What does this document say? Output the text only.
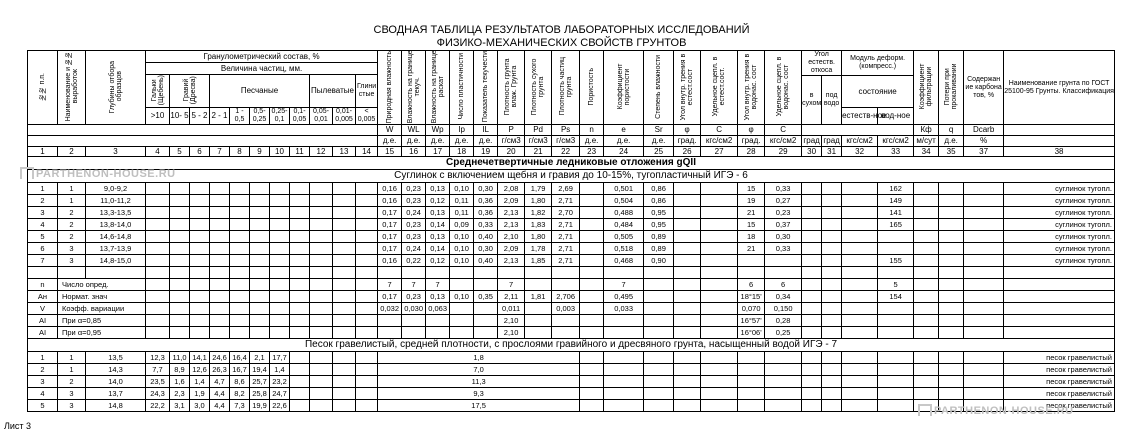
СВОДНАЯ ТАБЛИЦА РЕЗУЛЬТАТОВ ЛАБОРАТОРНЫХ ИССЛЕДОВАНИЙ
ФИЗИКО-МЕХАНИЧЕСКИХ СВОЙСТВ ГРУНТОВ
№№ п.п.	Наименование и №№ выработок	Глубины отбора образцов	Гранулометрический состав, %											Природная влажность	Влажность на границе текуч.	Влажность на границе раскат	Число пластичности	Показатель текучести	Плотность грунта влаж. Грунта	Плотность сухого грунта	Плотность частиц грунта	Пористость	Коэффициент пористости	Степень влажности	Угол внутр. трения в естест.сост	Удельное сцепл. в естест.сост.	Угол внутр. трения в водонас. сост	Удельное сцепл. в водонас. сост	Угол естеств. откоса		Модуль деформ. (компресс.)		Коэффициент фильтрации	Потери при прокаливании	Содержан ие карбона тов, %	Наименование грунта по ГОСТ 25100-95 Грунты. Классификация
			Величина частиц, мм.																																	
			Гальки (Щебень)	Гравий (Дресва)		Песчаные					Пылеватые		Глини стые																							
																													в сухом	под водо	состояние					
			>10	10- 5	5 - 2	2 - 1	1 - 0,5	0,5- 0,25	0,25- 0,1	0,1- 0,05	0,05- 0,01	0,01- 0,005	< 0,005																		естеств-ное	вод-ное				
														W	WL	Wp	Ip	IL	P	Pd	Ps	n	e	Sr	φ	C	φ	C					Кф	q	Dcarb	
														д.е.	д.е.	д.е.	д.е.	д.е.	г/см3	г/см3	г/см3	д.е.	д.е.	д.е.	град.	кгс/см2	град.	кгс/см2	град	град	кгс/см2	кгс/см2	м/сут	д.е.	%	
1	2	3	4	5	6	7	8	9	10	11	12	13	14	15	16	17	18	19	20	21	22	23	24	25	26	27	28	29	30	31	32	33	34	35	37	38
Среднечетвертичные ледниковые отложения gQII																																				
Суглинок с включением щебня и гравия до 10-15%, тугопластичный ИГЭ - 6																																				
1	1	9,0-9,2												0,16	0,23	0,13	0,10	0,30	2,08	1,79	2,69		0,501	0,86			15	0,33				162				суглинок тугопл.
2	1	11,0-11,2												0,16	0,23	0,12	0,11	0,36	2,09	1,80	2,71		0,504	0,86			19	0,27				149				суглинок тугопл.
3	2	13,3-13,5												0,17	0,24	0,13	0,11	0,36	2,13	1,82	2,70		0,488	0,95			21	0,23				141				суглинок тугопл.
4	2	13,8-14,0												0,17	0,23	0,14	0,09	0,33	2,13	1,83	2,71		0,484	0,95			15	0,37				165				суглинок тугопл.
5	2	14,6-14,8												0,17	0,23	0,13	0,10	0,40	2,10	1,80	2,71		0,505	0,89			18	0,30								суглинок тугопл.
6	3	13,7-13,9												0,17	0,24	0,14	0,10	0,30	2,09	1,78	2,71		0,518	0,89			21	0,33								суглинок тугопл.
7	3	14,8-15,0												0,16	0,22	0,12	0,10	0,40	2,13	1,85	2,71		0,468	0,90								155				суглинок тугопл.

n	Число опред.													7	7	7			7				7				6	6				5				
Aн	Нормат. знач													0,17	0,23	0,13	0,10	0,35	2,11	1,81	2,706		0,495				18°15'	0,34				154				
V	Коэфф. вариации													0,032	0,030	0,063			0,011		0,003		0,033				0,070	0,150								
AI	При α=0,85																		2,10								16°57'	0,28								
AI	При α=0,95																		2,10								16°06'	0,25								
Песок гравелистый, средней плотности, с прослоями гравийного и дресвяного грунта, насыщенный водой ИГЭ - 7																																				
1	1	13,5	12,3	11,0	14,1	24,6	16,4	2,1	17,7					1,8																						песок гравелистый
2	1	14,3	7,7	8,9	12,6	26,3	16,7	19,4	1,4					7,0																						песок гравелистый
3	2	14,0	23,5	1,6	1,4	4,7	8,6	25,7	23,2					11,3																						песок гравелистый
4	3	13,7	24,3	2,3	1,9	4,4	8,2	25,8	24,7					9,3																						песок гравелистый
5	3	14,8	22,2	3,1	3,0	4,4	7,3	19,9	22,6					17,5																						песок гравелистый
Лист 3
PARTHENON-HOUSE.RU
PARTHENON-HOUSE.RU
